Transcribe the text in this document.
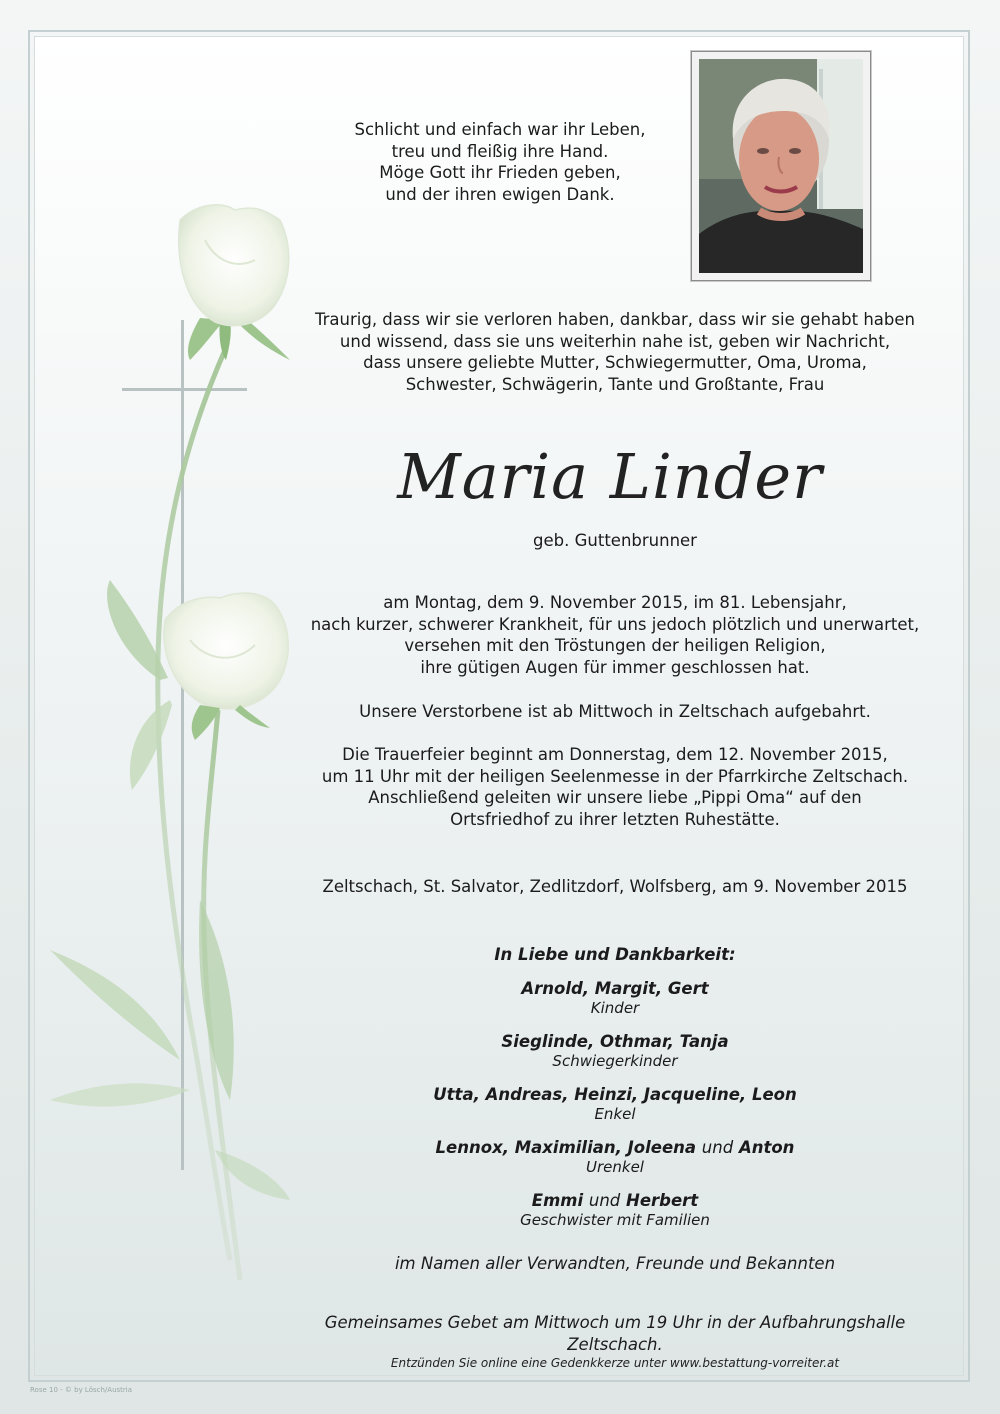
Schlicht und einfach war ihr Leben,

treu und fleißig ihre Hand.

Möge Gott ihr Frieden geben,

und der ihren ewigen Dank.

Traurig, dass wir sie verloren haben, dankbar, dass wir sie gehabt haben

und wissend, dass sie uns weiterhin nahe ist, geben wir Nachricht,

dass unsere geliebte Mutter, Schwiegermutter, Oma, Uroma,

Schwester, Schwägerin, Tante und Großtante, Frau

Maria Linder
geb. Guttenbrunner

am Montag, dem 9. November 2015, im 81. Lebensjahr,

nach kurzer, schwerer Krankheit, für uns jedoch plötzlich und unerwartet,

versehen mit den Tröstungen der heiligen Religion,

ihre gütigen Augen für immer geschlossen hat.

Unsere Verstorbene ist ab Mittwoch in Zeltschach aufgebahrt.

Die Trauerfeier beginnt am Donnerstag, dem 12. November 2015,

um 11 Uhr mit der heiligen Seelenmesse in der Pfarrkirche Zeltschach.

Anschließend geleiten wir unsere liebe „Pippi Oma“ auf den

Ortsfriedhof zu ihrer letzten Ruhestätte.

Zeltschach, St. Salvator, Zedlitzdorf, Wolfsberg, am 9. November 2015
In Liebe und Dankbarkeit:
Arnold, Margit, Gert
Kinder
Sieglinde, Othmar, Tanja
Schwiegerkinder
Utta, Andreas, Heinzi, Jacqueline, Leon
Enkel
Lennox, Maximilian, Joleena und Anton
Urenkel
Emmi und Herbert
Geschwister mit Familien
im Namen aller Verwandten, Freunde und Bekannten
Gemeinsames Gebet am Mittwoch um 19 Uhr in der Aufbahrungshalle Zeltschach.
Entzünden Sie online eine Gedenkkerze unter www.bestattung-vorreiter.at
Rose 10 - © by Lösch/Austria
